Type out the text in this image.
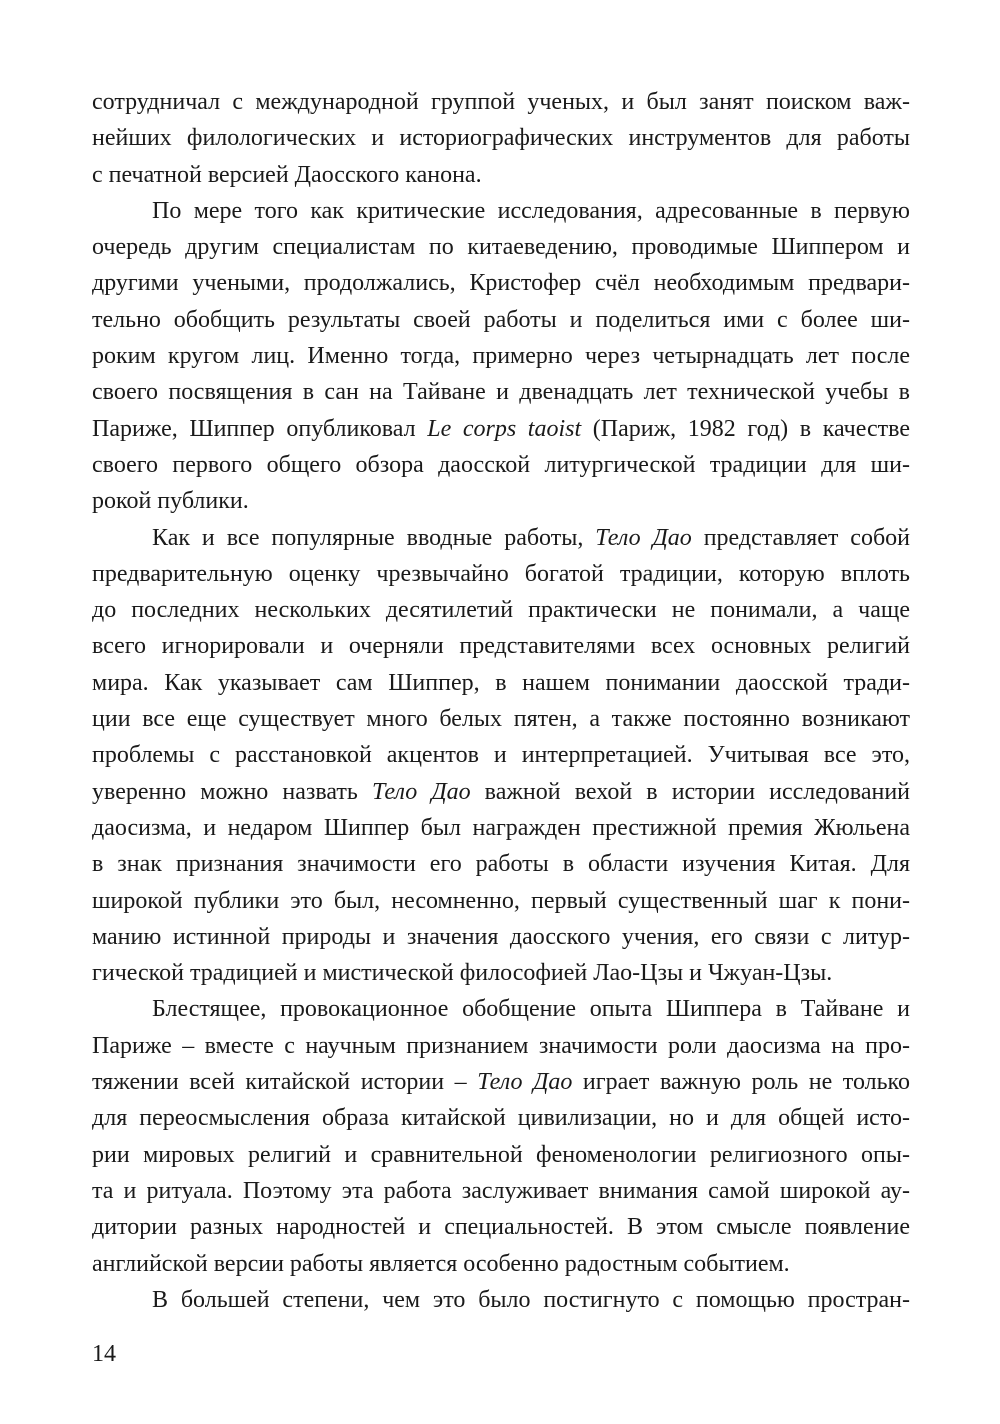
сотрудничал с международной группой ученых, и был занят поиском важ-
нейших филологических и историографических инструментов для работы
с печатной версией Даосского канона.

По мере того как критические исследования, адресованные в первую
очередь другим специалистам по китаеведению, проводимые Шиппером и
другими учеными, продолжались, Кристофер счёл необходимым предвари-
тельно обобщить результаты своей работы и поделиться ими с более ши-
роким кругом лиц. Именно тогда, примерно через четырнадцать лет после
своего посвящения в сан на Тайване и двенадцать лет технической учебы в
Париже, Шиппер опубликовал Le corps taoist (Париж, 1982 год) в качестве
своего первого общего обзора даосской литургической традиции для ши-
рокой публики.

Как и все популярные вводные работы, Тело Дао представляет собой
предварительную оценку чрезвычайно богатой традиции, которую вплоть
до последних нескольких десятилетий практически не понимали, а чаще
всего игнорировали и очерняли представителями всех основных религий
мира. Как указывает сам Шиппер, в нашем понимании даосской тради-
ции все еще существует много белых пятен, а также постоянно возникают
проблемы с расстановкой акцентов и интерпретацией. Учитывая все это,
уверенно можно назвать Тело Дао важной вехой в истории исследований
даосизма, и недаром Шиппер был награжден престижной премия Жюльена
в знак признания значимости его работы в области изучения Китая. Для
широкой публики это был, несомненно, первый существенный шаг к пони-
манию истинной природы и значения даосского учения, его связи с литур-
гической традицией и мистической философией Лао-Цзы и Чжуан-Цзы.

Блестящее, провокационное обобщение опыта Шиппера в Тайване и
Париже – вместе с научным признанием значимости роли даосизма на про-
тяжении всей китайской истории – Тело Дао играет важную роль не только
для переосмысления образа китайской цивилизации, но и для общей исто-
рии мировых религий и сравнительной феноменологии религиозного опы-
та и ритуала. Поэтому эта работа заслуживает внимания самой широкой ау-
дитории разных народностей и специальностей. В этом смысле появление
английской версии работы является особенно радостным событием.

В большей степени, чем это было постигнуто с помощью простран-

14
